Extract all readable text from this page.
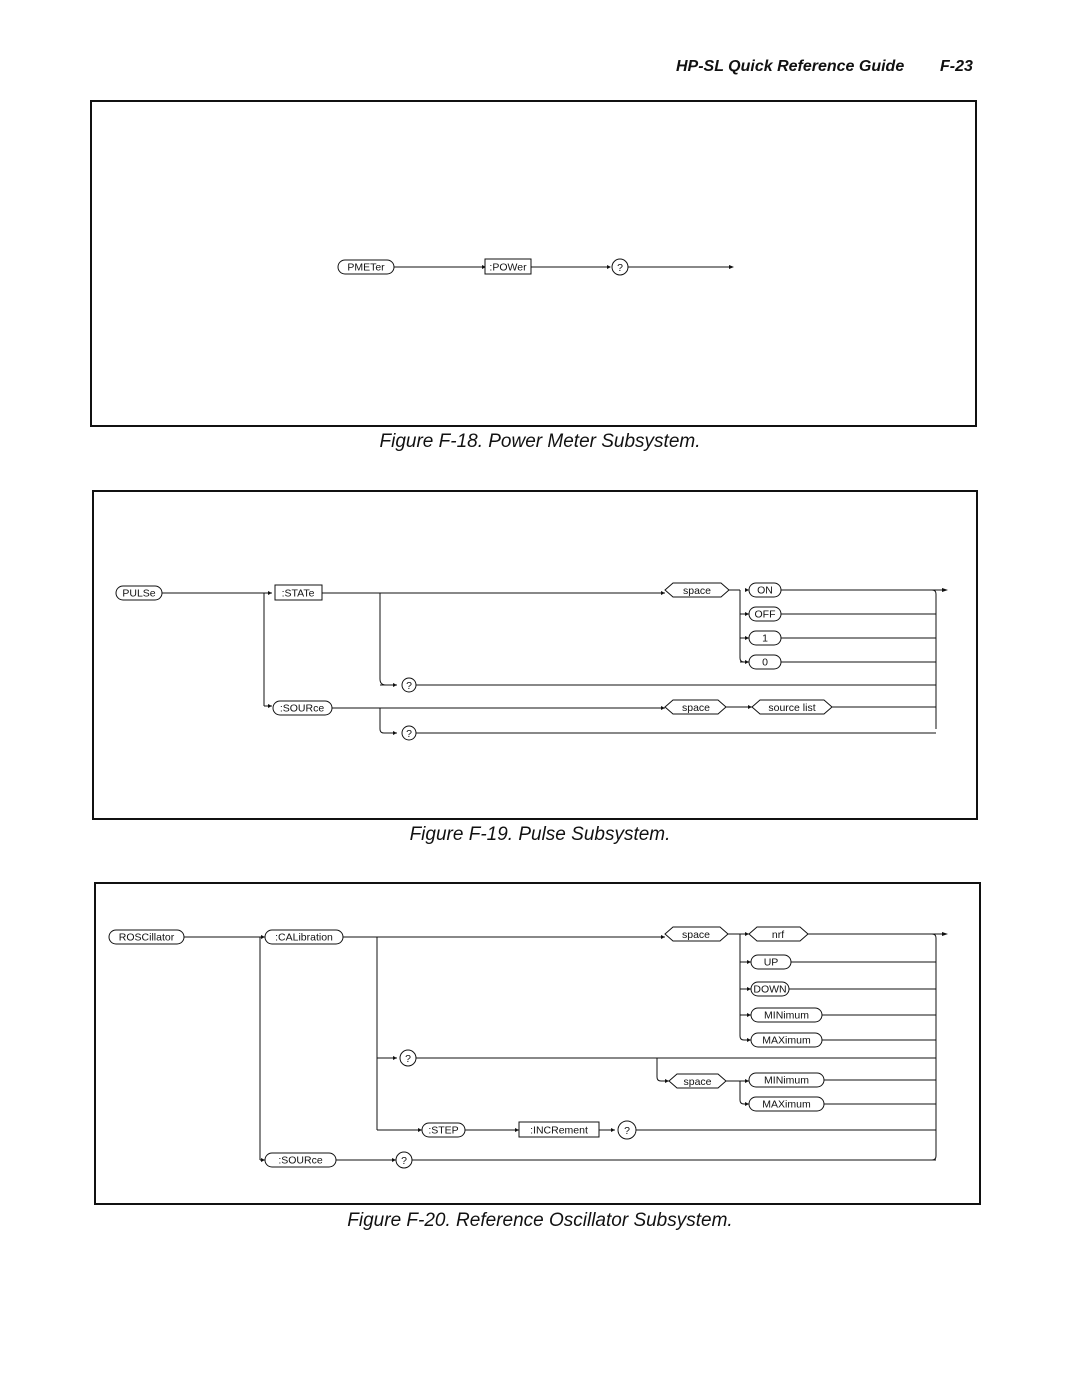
HP-SL Quick Reference Guide F-23
PMETer	:POWer	?
Figure F-18. Power Meter Subsystem.
PULSe	:STATe	space	ON
OFF
1
0
?
:SOURce	space	source list
?
Figure F-19. Pulse Subsystem.
ROSCillator	:CALibration	space	nrf
UP
DOWN
MINimum
MAXimum
?
space	MINimum
MAXimum
:STEP	:INCRement	?
:SOURce	?
Figure F-20. Reference Oscillator Subsystem.
